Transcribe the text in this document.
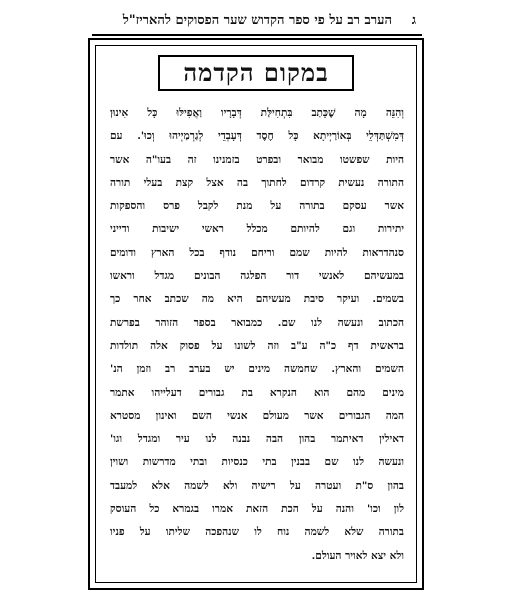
הערב רב על פי ספר הקדוש שער הפסוקים להאריז"ל ג
במקום הקדמה
וְהִנֵּה מָה שֶׁכָּתַב בִּתְחִילַּת דְּבָרָיו וַאֲפִילּוּ כָּל אִינוּן
דְּמִשְׁתַּדְּלֵי בְּאוֹרַיְיתָא כָּל חֶסֶד דְּעָבְדֵי לְגַרְמַיְיהוּ וְכוּ'. עם
היות שפשטו מבואר ובפרט בזמנינו זה בעו"ה אשר
התורה נעשית קרדום לחתוך בה אצל קצת בעלי תורה
אשר עסקם בתורה על מנת לקבל פרס והספקות
יתירות וגם להיותם מכלל ראשי ישיבות ודייני
סנהדראות להיות שמם וריחם נודף בכל הארץ ודומים
במעשיהם לאנשי דור הפלגה הבונים מגדל וראשו
בשמים. ועיקר סיבת מעשיהם היא מה שכתב אחר כך
הכתוב ונעשה לנו שם. כמבואר בספר הזוהר בפרשת
בראשית דף כ"ה ע"ב וזה לשונו על פסוק אלה תולדות
השמים והארץ. שחמשה מינים יש בערב רב וזמן הנ'
מינים מהם הוא הנקרא בת גבורים דעלייהו אתמר
המה הגבורים אשר מעולם אנשי השם ואינון מסטרא
דאילין דאיתמר בהון הבה נבנה לנו עיר ומגדל וגו'
ונעשה לנו שם בבנין בתי כנסיות ובתי מדרשות ושוין
בהון ס"ת ועטרה על רישיה ולא לשמה אלא למעבד
לון וכו' והנה על הכת הזאת אמרו בגמרא כל העוסק
בתורה שלא לשמה נוח לו שנהפכה שליתו על פניו
ולא יצא לאויר העולם.
